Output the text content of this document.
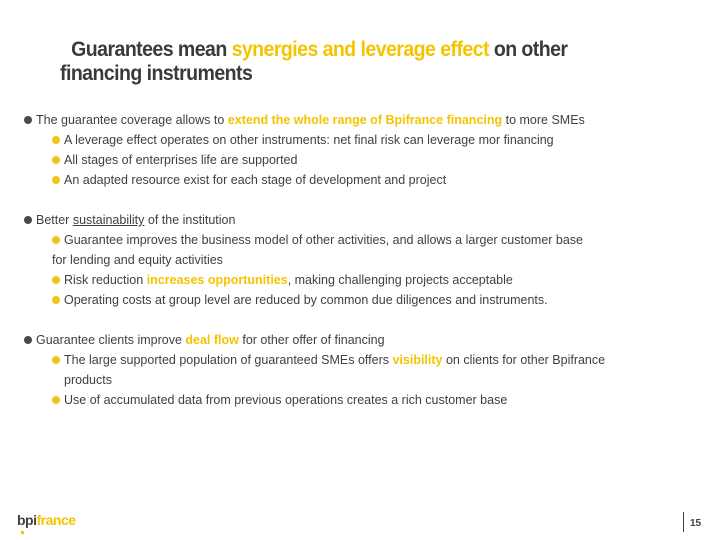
Guarantees mean synergies and leverage effect on other
financing instruments
The guarantee coverage allows to extend the whole range of Bpifrance financing to more SMEs
A leverage effect operates on other instruments: net final risk can leverage mor financing
All stages of enterprises life are supported
An adapted resource exist for each stage of development and project
Better sustainability of the institution
Guarantee improves the business model of other activities, and allows a larger customer base
for lending and equity activities
Risk reduction increases opportunities, making challenging projects acceptable
Operating costs at group level are reduced by common due diligences and instruments.
Guarantee clients improve deal flow for other offer of financing
The large supported population of guaranteed SMEs offers visibility on clients for other Bpifrance
products
Use of accumulated data from previous operations creates a rich customer base
bpifrance	15
